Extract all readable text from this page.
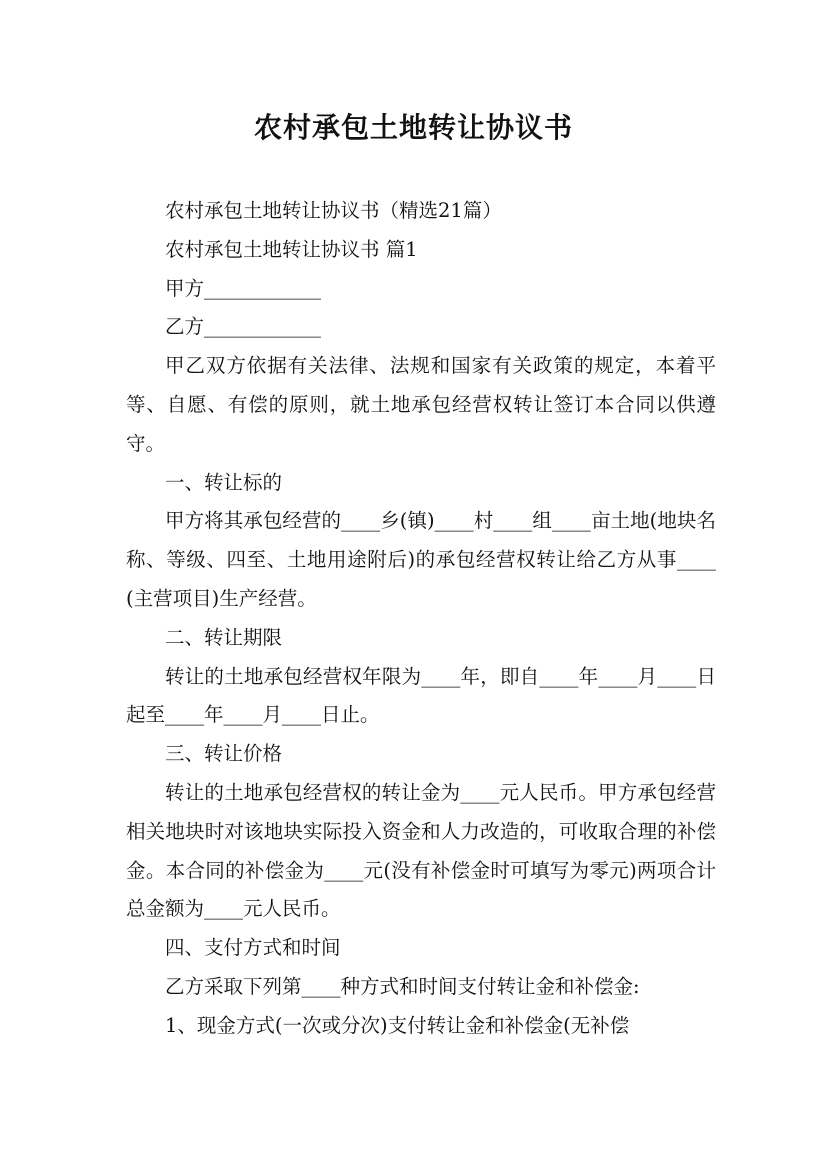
农村承包土地转让协议书

农村承包土地转让协议书（精选21篇）

农村承包土地转让协议书 篇1

甲方____________

乙方____________

甲乙双方依据有关法律、法规和国家有关政策的规定，本着平等、自愿、有偿的原则，就土地承包经营权转让签订本合同以供遵守。

一、转让标的

甲方将其承包经营的____乡(镇)____村____组____亩土地(地块名称、等级、四至、土地用途附后)的承包经营权转让给乙方从事____(主营项目)生产经营。

二、转让期限

转让的土地承包经营权年限为____年，即自____年____月____日起至____年____月____日止。

三、转让价格

转让的土地承包经营权的转让金为____元人民币。甲方承包经营相关地块时对该地块实际投入资金和人力改造的，可收取合理的补偿金。本合同的补偿金为____元(没有补偿金时可填写为零元)两项合计总金额为____元人民币。

四、支付方式和时间

乙方采取下列第____种方式和时间支付转让金和补偿金:

1、现金方式(一次或分次)支付转让金和补偿金(无补偿
